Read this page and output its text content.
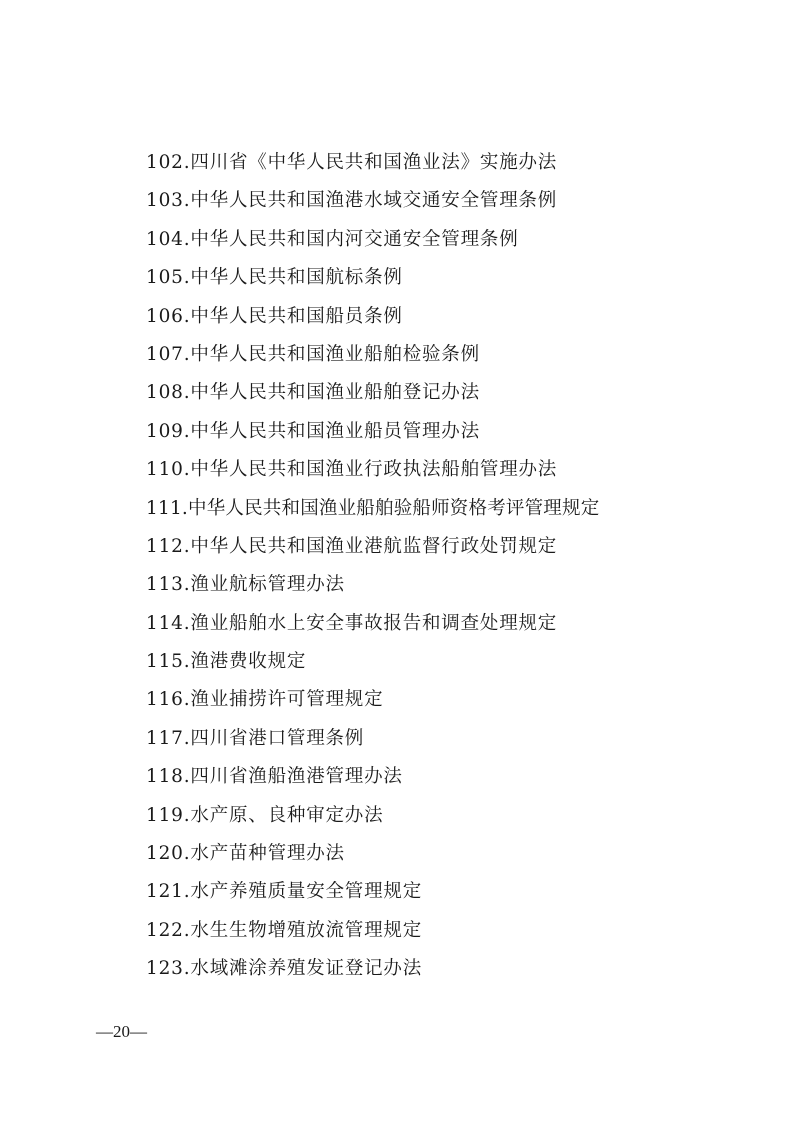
102.四川省《中华人民共和国渔业法》实施办法
103.中华人民共和国渔港水域交通安全管理条例
104.中华人民共和国内河交通安全管理条例
105.中华人民共和国航标条例
106.中华人民共和国船员条例
107.中华人民共和国渔业船舶检验条例
108.中华人民共和国渔业船舶登记办法
109.中华人民共和国渔业船员管理办法
110.中华人民共和国渔业行政执法船舶管理办法
111.中华人民共和国渔业船舶验船师资格考评管理规定
112.中华人民共和国渔业港航监督行政处罚规定
113.渔业航标管理办法
114.渔业船舶水上安全事故报告和调查处理规定
115.渔港费收规定
116.渔业捕捞许可管理规定
117.四川省港口管理条例
118.四川省渔船渔港管理办法
119.水产原、良种审定办法
120.水产苗种管理办法
121.水产养殖质量安全管理规定
122.水生生物增殖放流管理规定
123.水域滩涂养殖发证登记办法
—20—
